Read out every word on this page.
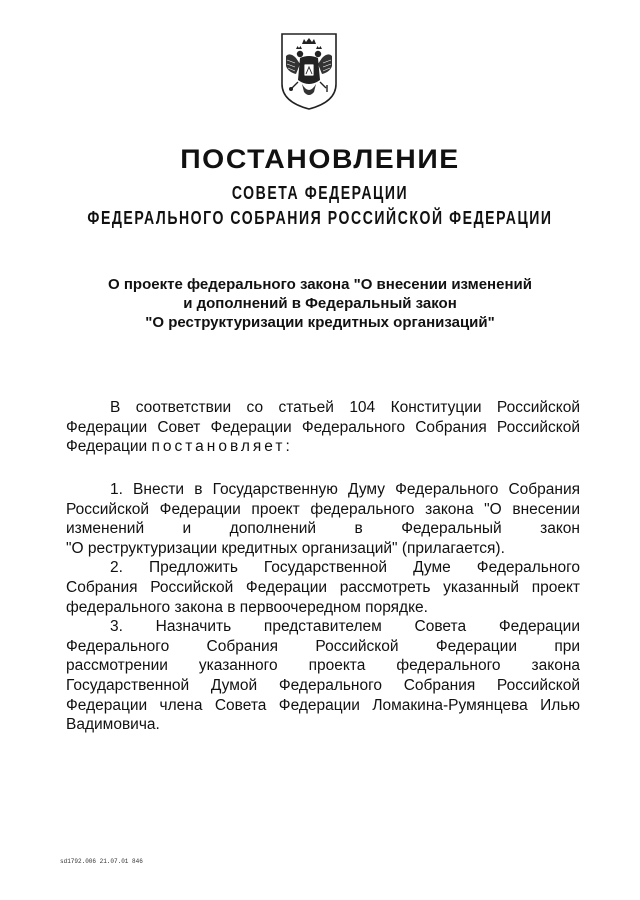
ПОСТАНОВЛЕНИЕ
СОВЕТА ФЕДЕРАЦИИ
ФЕДЕРАЛЬНОГО СОБРАНИЯ РОССИЙСКОЙ ФЕДЕРАЦИИ
О проекте федерального закона "О внесении изменений
и дополнений в Федеральный закон
"О реструктуризации кредитных организаций"
В соответствии со статьей 104 Конституции Российской
Федерации Совет Федерации Федерального Собрания Российской
Федерации постановляет:
1. Внести в Государственную Думу Федерального Собрания
Российской Федерации проект федерального закона "О внесении
изменений и дополнений в Федеральный закон
"О реструктуризации кредитных организаций" (прилагается).
2. Предложить Государственной Думе Федерального
Собрания Российской Федерации рассмотреть указанный проект
федерального закона в первоочередном порядке.
3. Назначить представителем Совета Федерации
Федерального Собрания Российской Федерации при
рассмотрении указанного проекта федерального закона
Государственной Думой Федерального Собрания Российской
Федерации члена Совета Федерации Ломакина-Румянцева Илью
Вадимовича.
sd1792.006 21.07.01 846
